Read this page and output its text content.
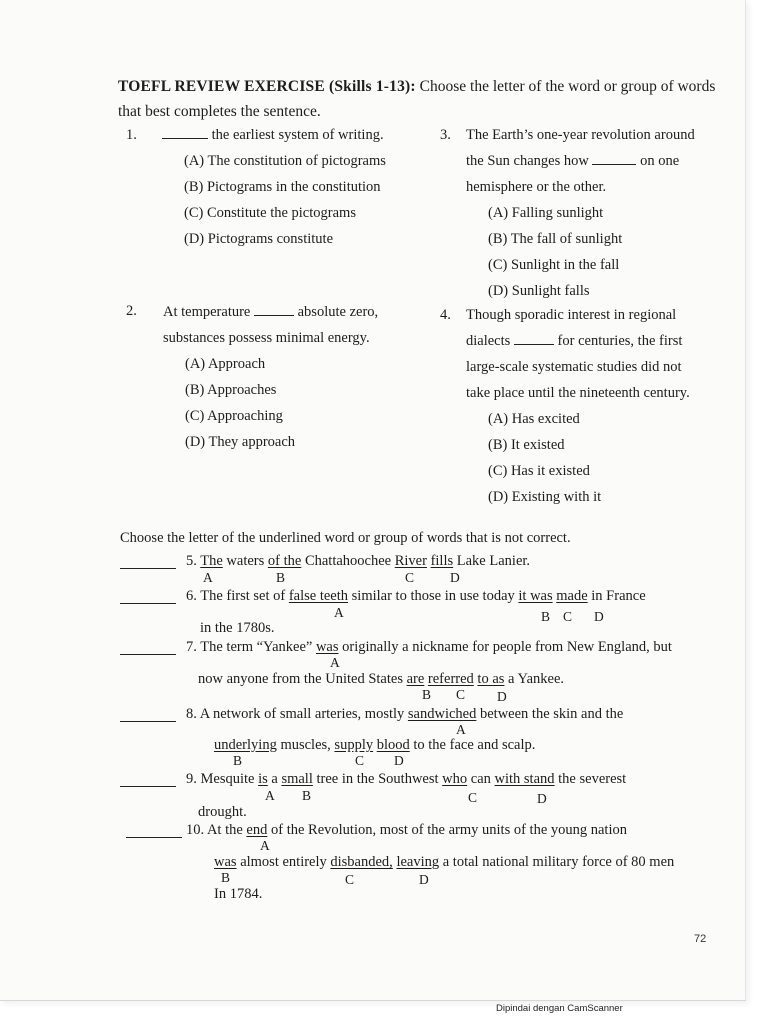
TOEFL REVIEW EXERCISE (Skills 1-13): Choose the letter of the word or group of words
that best completes the sentence.
1.	the earliest system of writing.
(A) The constitution of pictograms
(B) Pictograms in the constitution
(C) Constitute the pictograms
(D) Pictograms constitute
2. At temperature	absolute zero,
substances possess minimal energy.
(A) Approach
(B) Approaches
(C) Approaching
(D) They approach
3. The Earth’s one-year revolution around
the Sun changes how	on one
hemisphere or the other.
(A) Falling sunlight
(B) The fall of sunlight
(C) Sunlight in the fall
(D) Sunlight falls
4. Though sporadic interest in regional
dialects	for centuries, the first
large-scale systematic studies did not
take place until the nineteenth century.
(A) Has excited
(B) It existed
(C) Has it existed
(D) Existing with it
Choose the letter of the underlined word or group of words that is not correct.
5. The waters of the Chattahoochee River fills Lake Lanier.
A	B	C	D
6. The first set of false teeth similar to those in use today it was made in France
A	B C D
in the 1780s.
7. The term “Yankee” was originally a nickname for people from New England, but
A
now anyone from the United States are referred to as a Yankee.
B C D
8. A network of small arteries, mostly sandwiched between the skin and the
A
underlying muscles, supply blood to the face and scalp.
B	C D
9. Mesquite is a small tree in the Southwest who can with stand the severest
A B	C	D
drought.
10. At the end of the Revolution, most of the army units of the young nation
A
was almost entirely disbanded, leaving a total national military force of 80 men
B	C	D
In 1784.
72
Dipindai dengan CamScanner
